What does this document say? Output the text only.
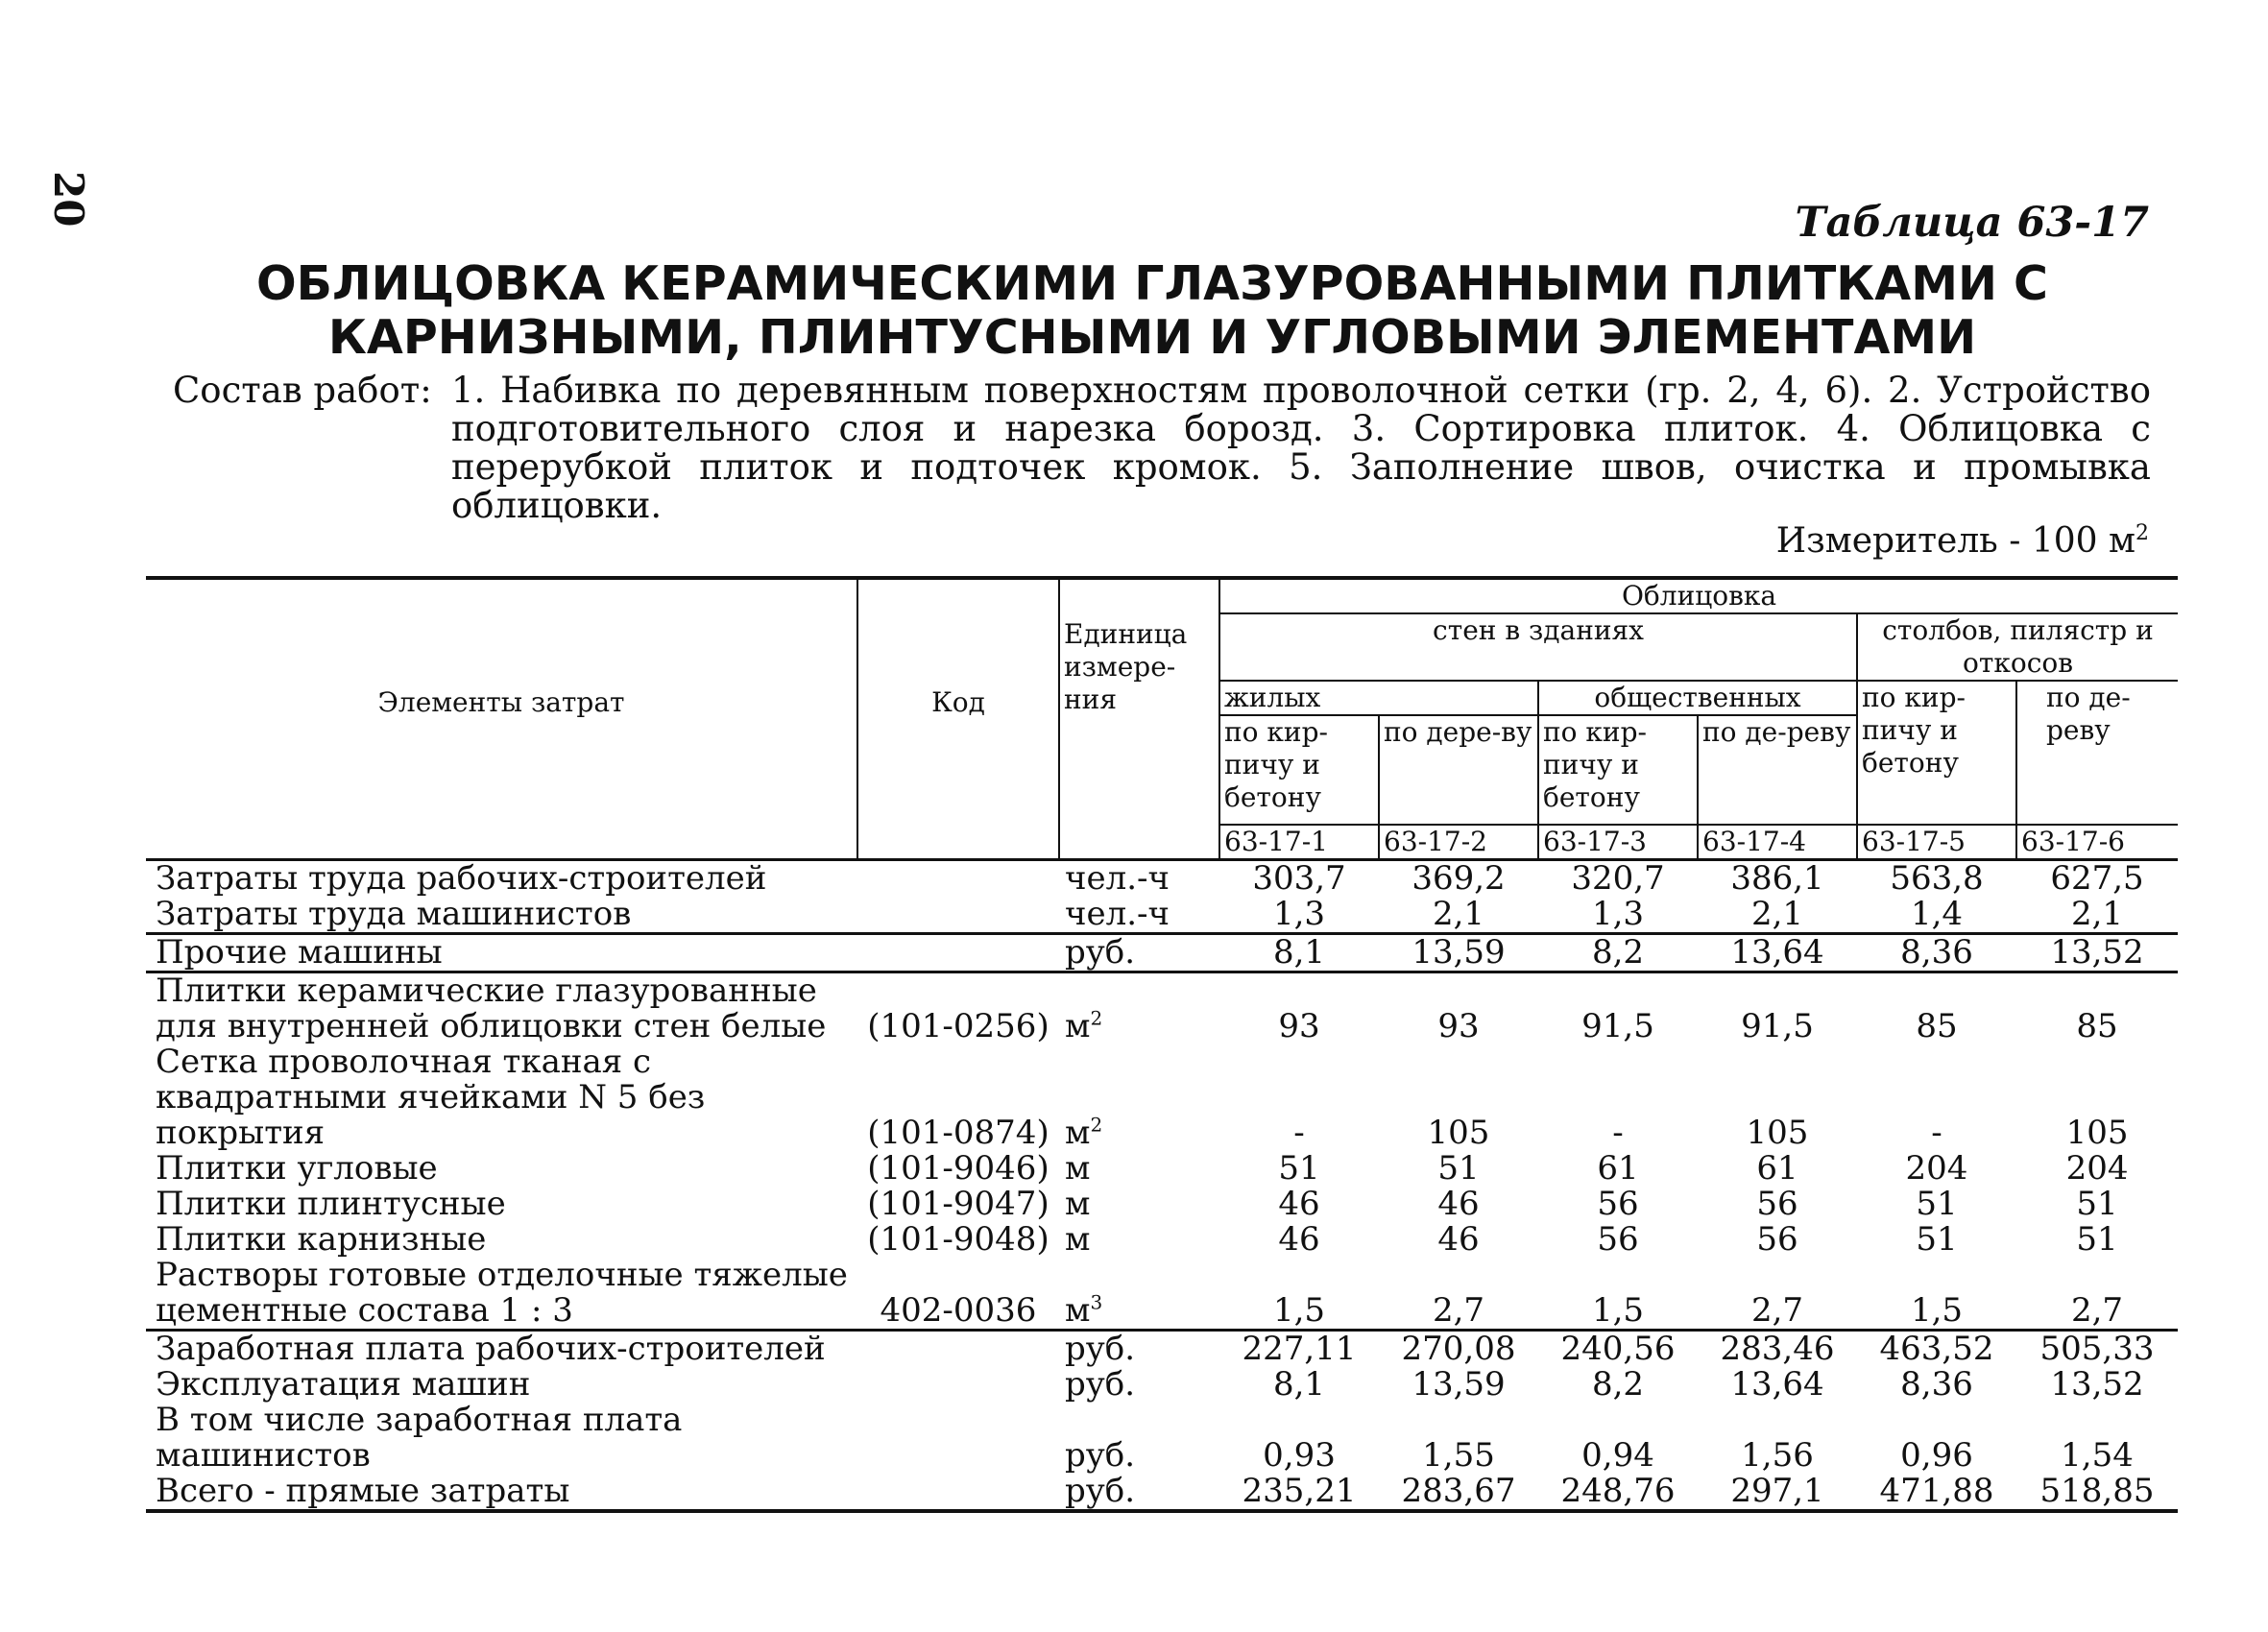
20	Таблица 63-17
ОБЛИЦОВКА КЕРАМИЧЕСКИМИ ГЛАЗУРОВАННЫМИ ПЛИТКАМИ С
КАРНИЗНЫМИ, ПЛИНТУСНЫМИ И УГЛОВЫМИ ЭЛЕМЕНТАМИ
Состав работ: 1. Набивка по деревянным поверхностям проволочной сетки (гр. 2, 4, 6). 2. Устройство подготовительного слоя и нарезка борозд. 3. Сортировка плиток. 4. Облицовка с перерубкой плиток и подточек кромок. 5. Заполнение швов, очистка и промывка облицовки.
Измеритель - 100 $м^2$
Элементы затрат	Код	Единица измере-ния	Облицовка					
			стен в зданиях				столбов, пилястр и откосов	
			жилых		общественных		по кир-пичу и бетону	по де-реву
			по кир-пичу и бетону	по дере-ву	по кир-пичу и бетону	по де-реву		
			63-17-1	63-17-2	63-17-3	63-17-4	63-17-5	63-17-6
Затраты труда рабочих-строителей		чел.-ч	303,7	369,2	320,7	386,1	563,8	627,5
Затраты труда машинистов		чел.-ч	1,3	2,1	1,3	2,1	1,4	2,1
Прочие машины		руб.	8,1	13,59	8,2	13,64	8,36	13,52
Плитки керамические глазурованные для внутренней облицовки стен белые	(101-0256)	$м^2$	93	93	91,5	91,5	85	85
Сетка проволочная тканая с квадратными ячейками N 5 без покрытия	(101-0874)	$м^2$	-	105	-	105	-	105
Плитки угловые	(101-9046)	м	51	51	61	61	204	204
Плитки плинтусные	(101-9047)	м	46	46	56	56	51	51
Плитки карнизные	(101-9048)	м	46	46	56	56	51	51
Растворы готовые отделочные тяжелые цементные состава 1 : 3	402-0036	$м^3$	1,5	2,7	1,5	2,7	1,5	2,7
Заработная плата рабочих-строителей		руб.	227,11	270,08	240,56	283,46	463,52	505,33
Эксплуатация машин		руб.	8,1	13,59	8,2	13,64	8,36	13,52
В том числе заработная плата машинистов		руб.	0,93	1,55	0,94	1,56	0,96	1,54
Всего - прямые затраты		руб.	235,21	283,67	248,76	297,1	471,88	518,85
